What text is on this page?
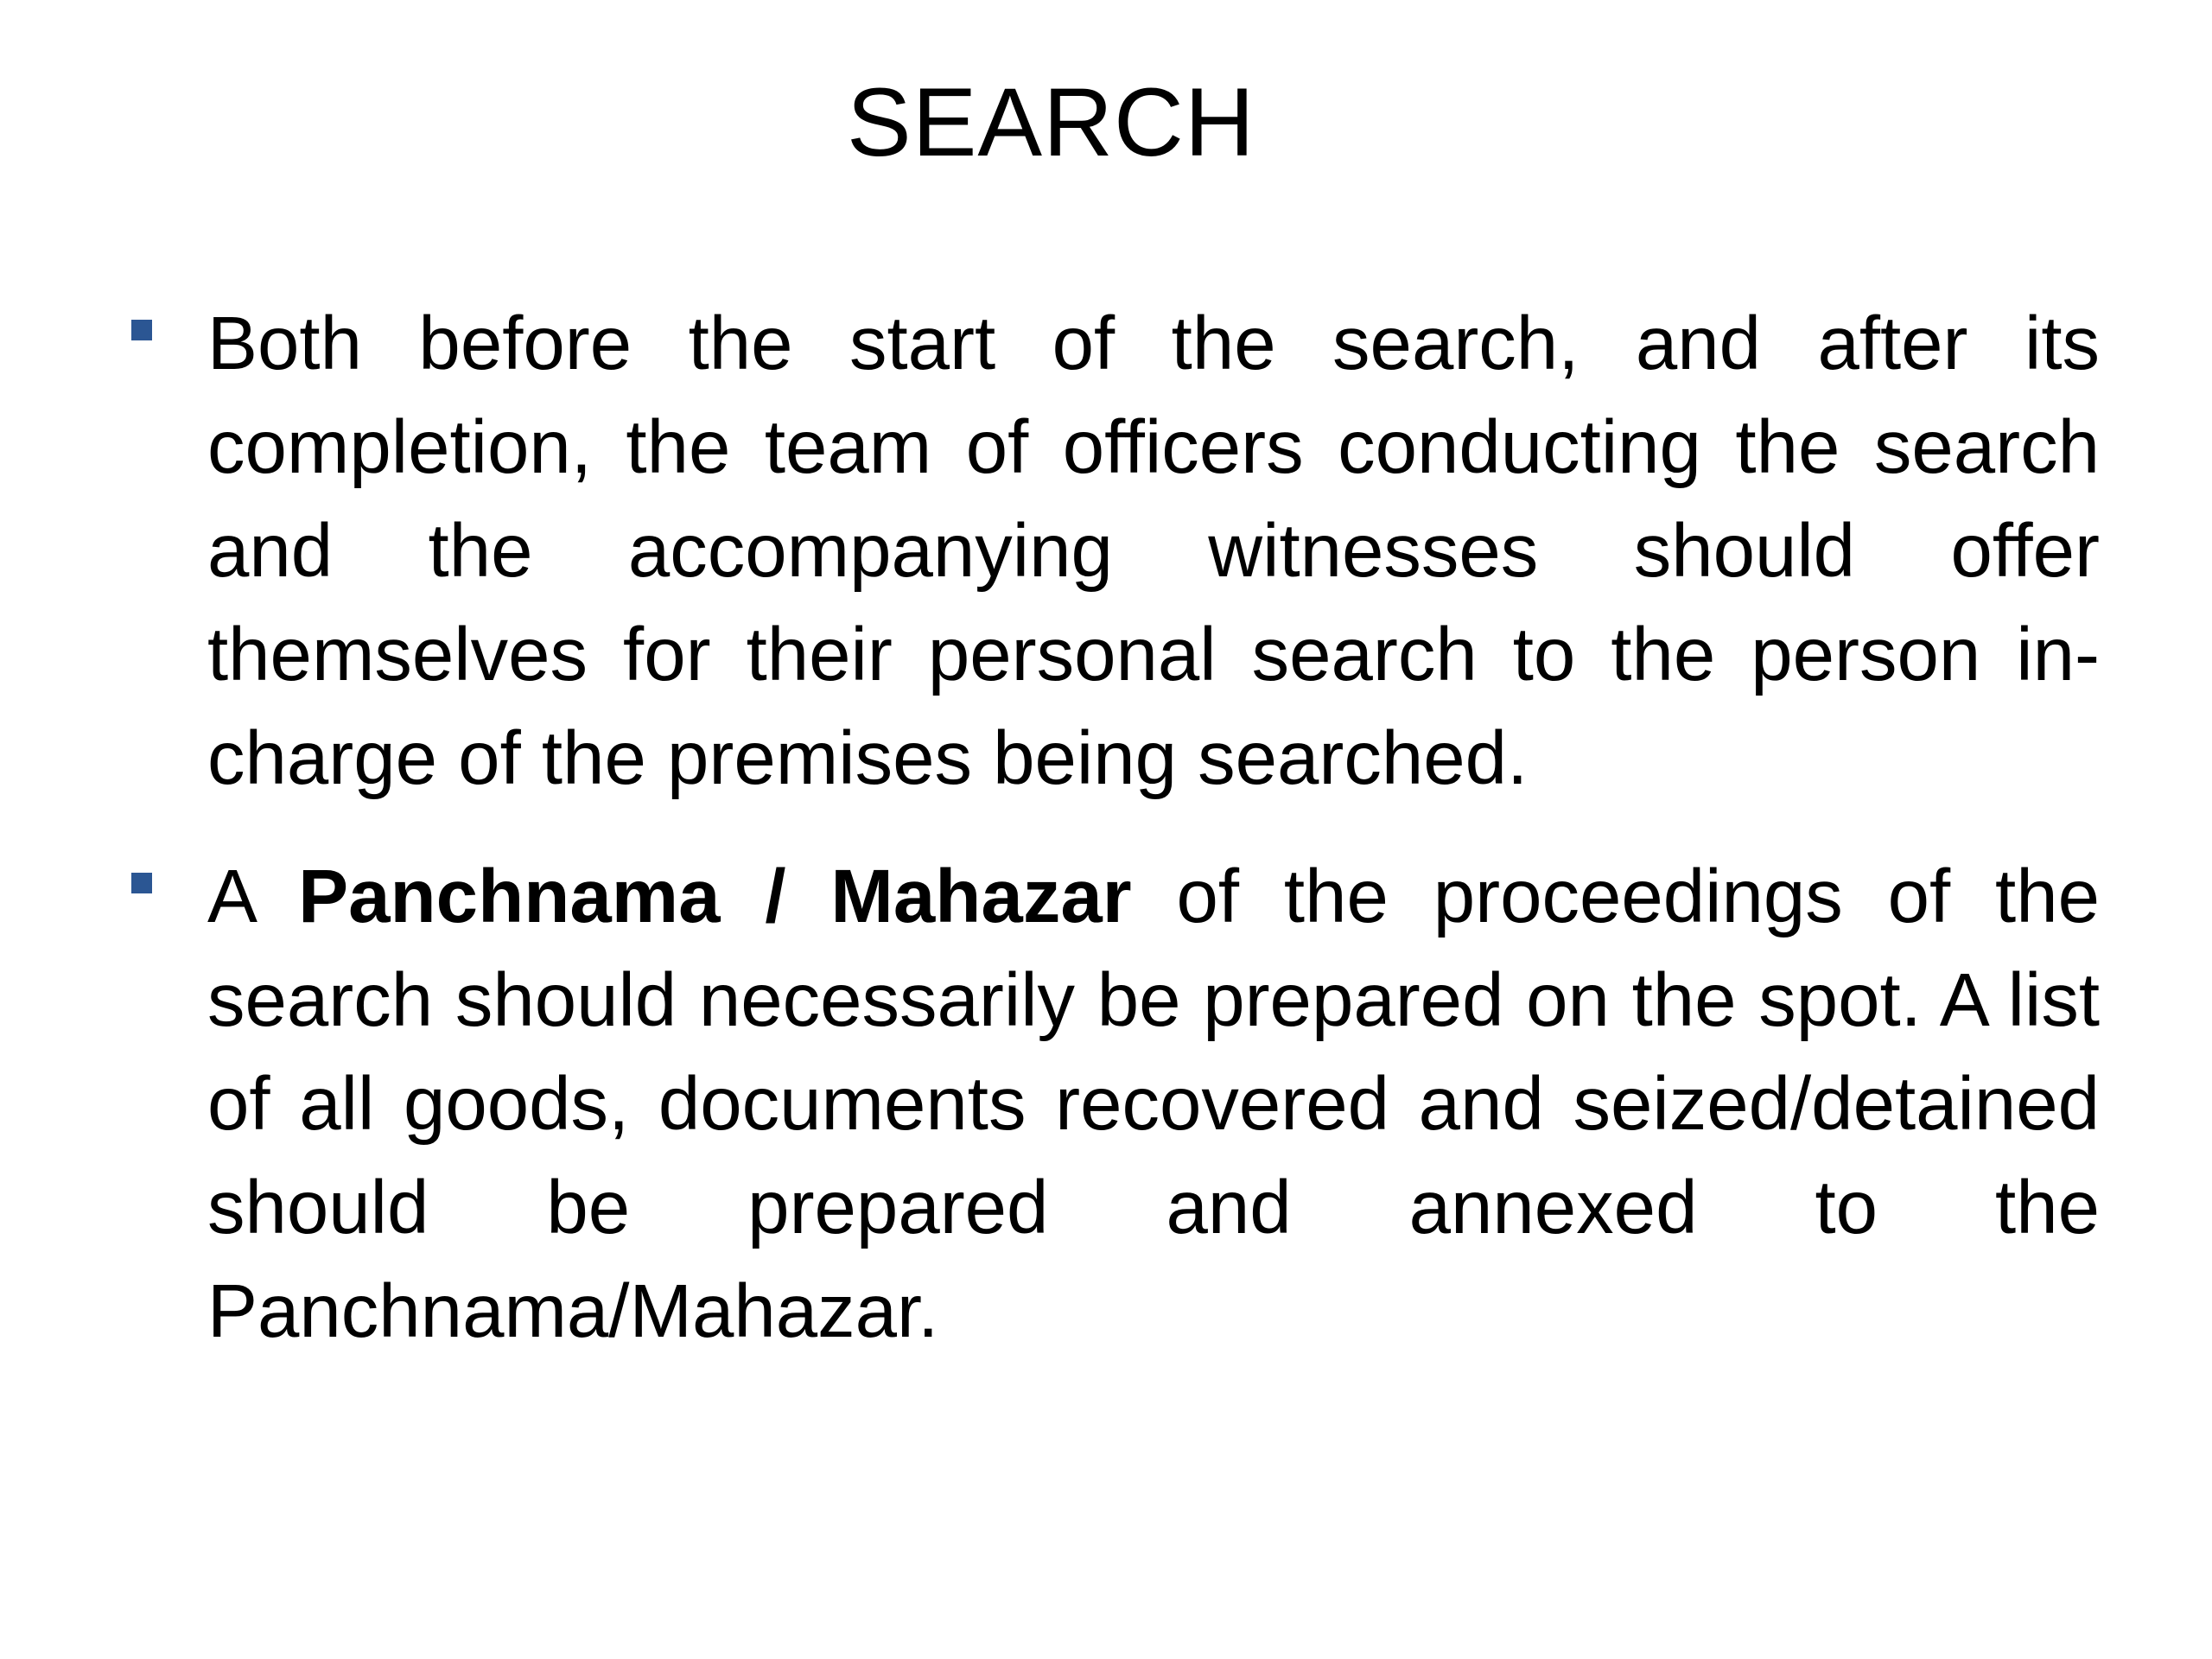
SEARCH

Both before the start of the search, and after its completion, the team of officers conducting the search and the accompanying witnesses should offer themselves for their personal search to the person in-charge of the premises being searched.

A Panchnama / Mahazar of the proceedings of the search should necessarily be prepared on the spot. A list of all goods, documents recovered and seized/detained should be prepared and annexed to the Panchnama/Mahazar.
